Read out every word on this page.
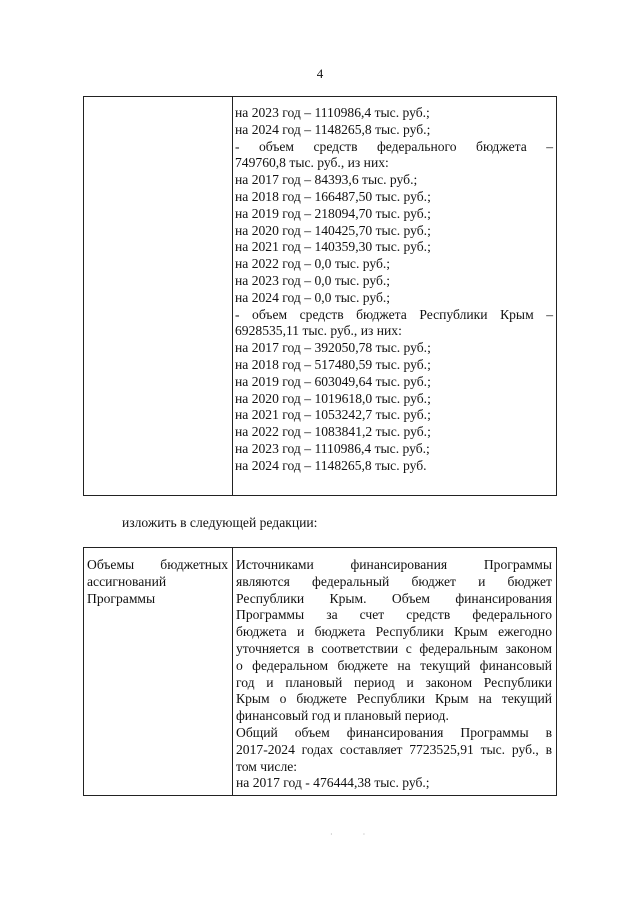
4
на 2023 год – 1110986,4 тыс. руб.;
на 2024 год – 1148265,8 тыс. руб.;
- объем средств федерального бюджета –
749760,8 тыс. руб., из них:
на 2017 год – 84393,6 тыс. руб.;
на 2018 год – 166487,50 тыс. руб.;
на 2019 год – 218094,70 тыс. руб.;
на 2020 год – 140425,70 тыс. руб.;
на 2021 год – 140359,30 тыс. руб.;
на 2022 год – 0,0 тыс. руб.;
на 2023 год – 0,0 тыс. руб.;
на 2024 год – 0,0 тыс. руб.;
- объем средств бюджета Республики Крым –
6928535,11 тыс. руб., из них:
на 2017 год – 392050,78 тыс. руб.;
на 2018 год – 517480,59 тыс. руб.;
на 2019 год – 603049,64 тыс. руб.;
на 2020 год – 1019618,0 тыс. руб.;
на 2021 год – 1053242,7 тыс. руб.;
на 2022 год – 1083841,2 тыс. руб.;
на 2023 год – 1110986,4 тыс. руб.;
на 2024 год – 1148265,8 тыс. руб.
изложить в следующей редакции:
Объемы бюджетных
ассигнований
Программы
Источниками финансирования Программы
являются федеральный бюджет и бюджет
Республики Крым. Объем финансирования
Программы за счет средств федерального
бюджета и бюджета Республики Крым ежегодно
уточняется в соответствии с федеральным законом
о федеральном бюджете на текущий финансовый
год и плановый период и законом Республики
Крым о бюджете Республики Крым на текущий
финансовый год и плановый период.
Общий объем финансирования Программы в
2017-2024 годах составляет 7723525,91 тыс. руб., в
том числе:
на 2017 год - 476444,38 тыс. руб.;
· ·
